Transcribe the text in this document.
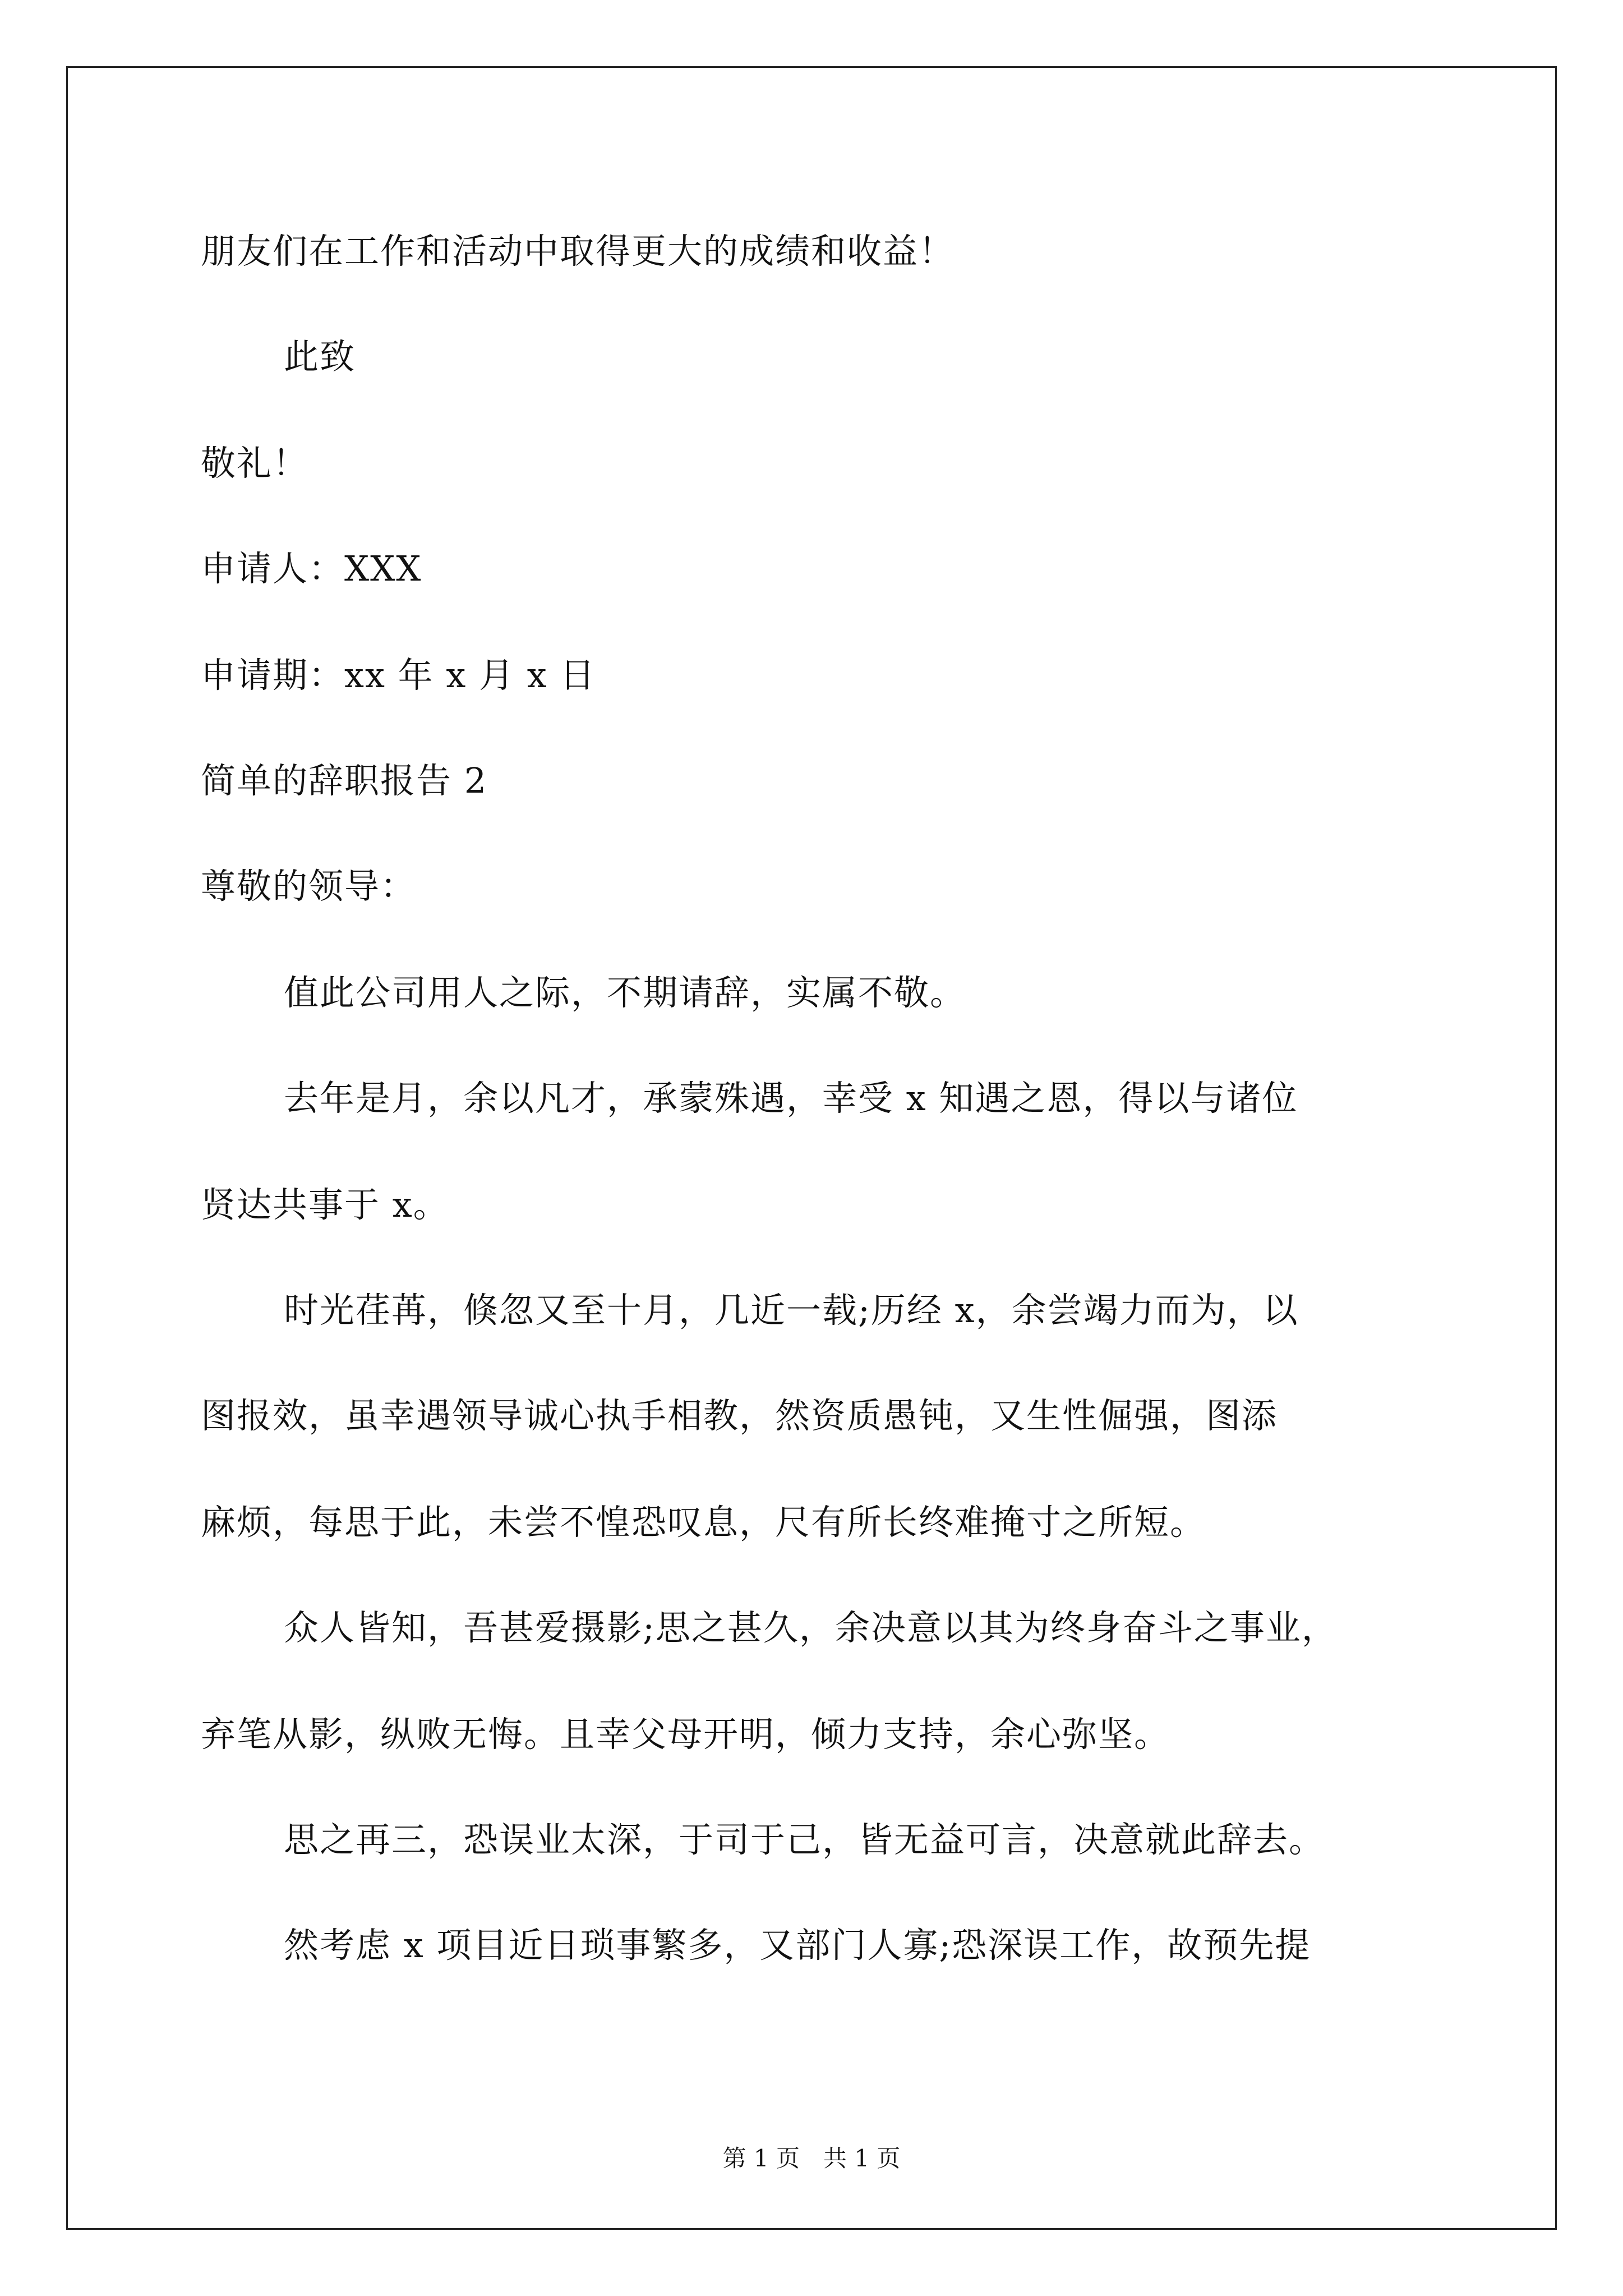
朋友们在工作和活动中取得更大的成绩和收益！
此致
敬礼！
申请人：XXX
申请期：xx 年 x 月 x 日
简单的辞职报告 2
尊敬的领导：
值此公司用人之际，不期请辞，实属不敬。
去年是月，余以凡才，承蒙殊遇，幸受 x 知遇之恩，得以与诸位
贤达共事于 x。
时光荏苒，倏忽又至十月，几近一载;历经 x，余尝竭力而为，以
图报效，虽幸遇领导诚心执手相教，然资质愚钝，又生性倔强，图添
麻烦，每思于此，未尝不惶恐叹息，尺有所长终难掩寸之所短。
众人皆知，吾甚爱摄影;思之甚久，余决意以其为终身奋斗之事业，
弃笔从影，纵败无悔。且幸父母开明，倾力支持，余心弥坚。
思之再三，恐误业太深，于司于己，皆无益可言，决意就此辞去。
然考虑 x 项目近日琐事繁多，又部门人寡;恐深误工作，故预先提
第 1 页　共 1 页
